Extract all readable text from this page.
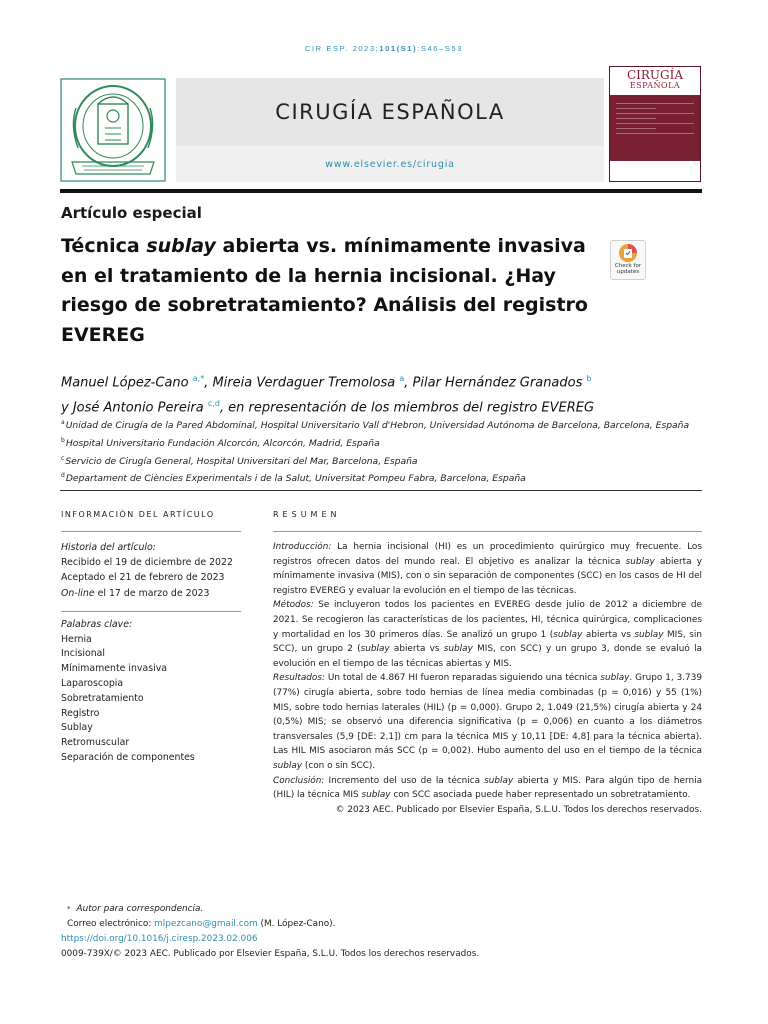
CIR ESP. 2023;101(S1):S46–S53
CIRUGÍA ESPAÑOLA
www.elsevier.es/cirugia
CIRUGÍA
ESPAÑOLA
Artículo especial
Técnica sublay abierta vs. mínimamente invasiva en el tratamiento de la hernia incisional. ¿Hay riesgo de sobretratamiento? Análisis del registro EVEREG
Check for updates
Manuel López-Cano $^{a,*}$, Mireia Verdaguer Tremolosa $^a$, Pilar Hernández Granados $^b$
y José Antonio Pereira $^{c,d}$, en representación de los miembros del registro EVEREG
$^a$Unidad de Cirugía de la Pared Abdominal, Hospital Universitario Vall d'Hebron, Universidad Autónoma de Barcelona, Barcelona, España
$^b$Hospital Universitario Fundación Alcorcón, Alcorcón, Madrid, España
$^c$Servicio de Cirugía General, Hospital Universitari del Mar, Barcelona, España
$^d$Departament de Ciències Experimentals i de la Salut, Universitat Pompeu Fabra, Barcelona, España
INFORMACIÓN DEL ARTÍCULO
Historia del artículo:
Recibido el 19 de diciembre de 2022
Aceptado el 21 de febrero de 2023
On-line el 17 de marzo de 2023
Palabras clave:
Hernia
Incisional
Mínimamente invasiva
Laparoscopia
Sobretratamiento
Registro
Sublay
Retromuscular
Separación de componentes
RESUMEN

Introducción: La hernia incisional (HI) es un procedimiento quirúrgico muy frecuente. Los registros ofrecen datos del mundo real. El objetivo es analizar la técnica sublay abierta y mínimamente invasiva (MIS), con o sin separación de componentes (SCC) en los casos de HI del registro EVEREG y evaluar la evolución en el tiempo de las técnicas.

Métodos: Se incluyeron todos los pacientes en EVEREG desde julio de 2012 a diciembre de 2021. Se recogieron las características de los pacientes, HI, técnica quirúrgica, complicaciones y mortalidad en los 30 primeros días. Se analizó un grupo 1 (sublay abierta vs sublay MIS, sin SCC), un grupo 2 (sublay abierta vs sublay MIS, con SCC) y un grupo 3, donde se evaluó la evolución en el tiempo de las técnicas abiertas y MIS.

Resultados: Un total de 4.867 HI fueron reparadas siguiendo una técnica sublay. Grupo 1, 3.739 (77%) cirugía abierta, sobre todo hernias de línea media combinadas (p = 0,016) y 55 (1%) MIS, sobre todo hernias laterales (HIL) (p = 0,000). Grupo 2, 1.049 (21,5%) cirugía abierta y 24 (0,5%) MIS; se observó una diferencia significativa (p = 0,006) en cuanto a los diámetros transversales (5,9 [DE: 2,1]) cm para la técnica MIS y 10,11 [DE: 4,8] para la técnica abierta). Las HIL MIS asociaron más SCC (p = 0,002). Hubo aumento del uso en el tiempo de la técnica sublay (con o sin SCC).

Conclusión: Incremento del uso de la técnica sublay abierta y MIS. Para algún tipo de hernia (HIL) la técnica MIS sublay con SCC asociada puede haber representado un sobretratamiento.

© 2023 AEC. Publicado por Elsevier España, S.L.U. Todos los derechos reservados.
* Autor para correspondencia.
Correo electrónico: mlpezcano@gmail.com (M. López-Cano).
https://doi.org/10.1016/j.ciresp.2023.02.006
0009-739X/© 2023 AEC. Publicado por Elsevier España, S.L.U. Todos los derechos reservados.
